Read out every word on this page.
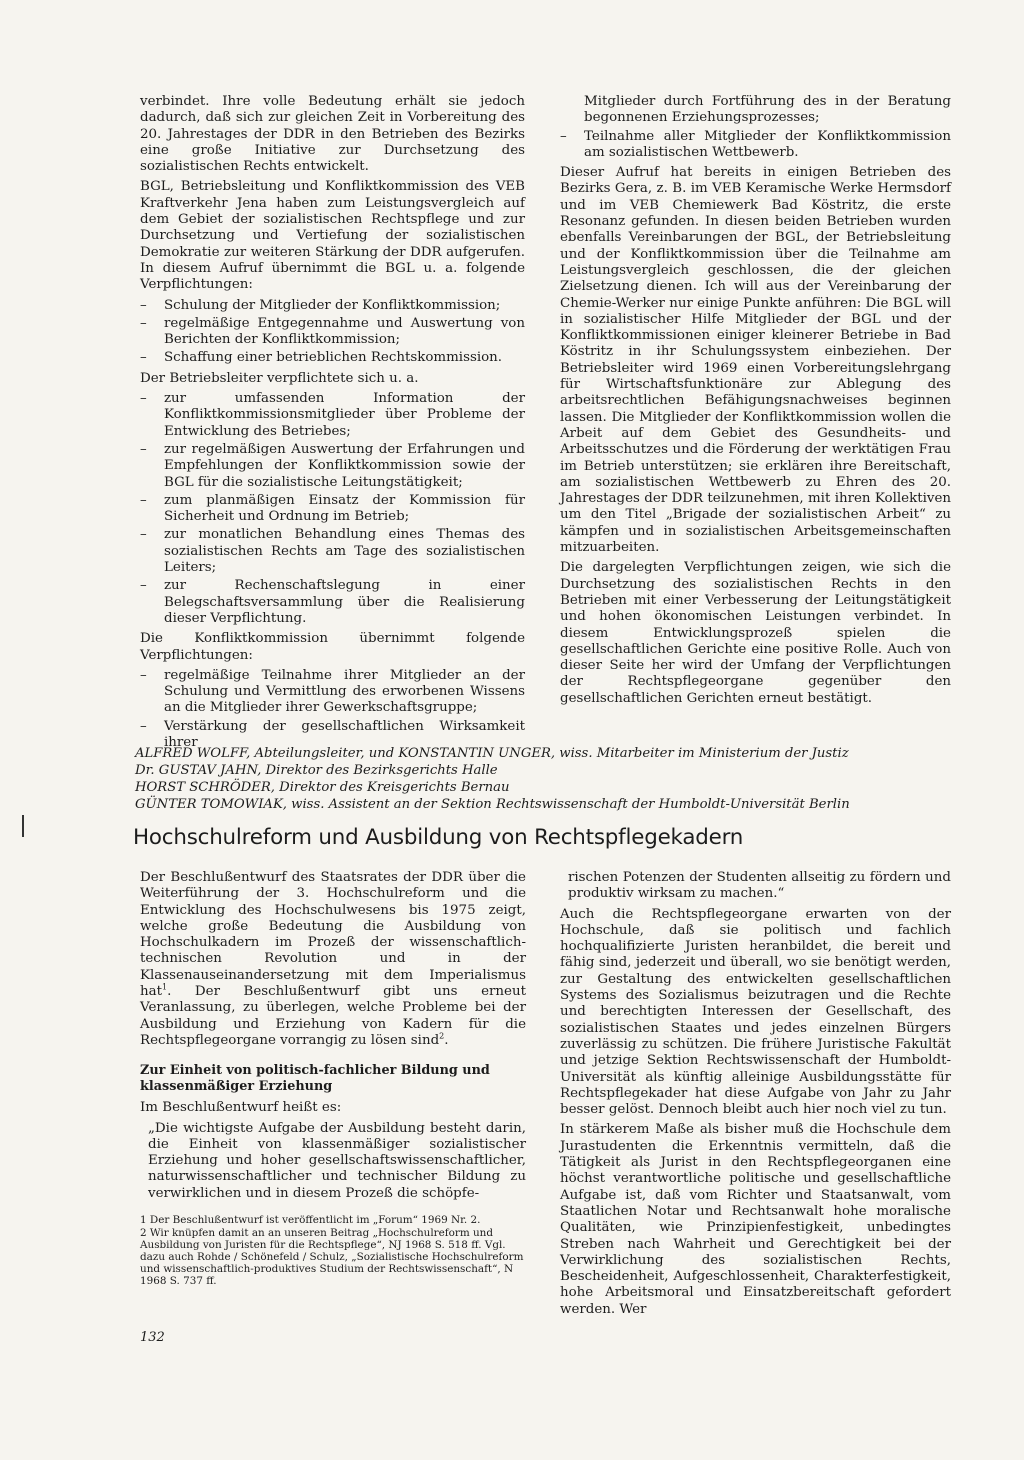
verbindet. Ihre volle Bedeutung erhält sie jedoch dadurch, daß sich zur gleichen Zeit in Vorbereitung des 20. Jahrestages der DDR in den Betrieben des Bezirks eine große Initiative zur Durchsetzung des sozialistischen Rechts entwickelt.

BGL, Betriebsleitung und Konfliktkommission des VEB Kraftverkehr Jena haben zum Leistungsvergleich auf dem Gebiet der sozialistischen Rechtspflege und zur Durchsetzung und Vertiefung der sozialistischen Demokratie zur weiteren Stärkung der DDR aufgerufen. In diesem Aufruf übernimmt die BGL u. a. folgende Verpflichtungen:

– Schulung der Mitglieder der Konfliktkommission;
– regelmäßige Entgegennahme und Auswertung von Berichten der Konfliktkommission;
– Schaffung einer betrieblichen Rechtskommission.

Der Betriebsleiter verpflichtete sich u. a.

– zur umfassenden Information der Konfliktkommissionsmitglieder über Probleme der Entwicklung des Betriebes;
– zur regelmäßigen Auswertung der Erfahrungen und Empfehlungen der Konfliktkommission sowie der BGL für die sozialistische Leitungstätigkeit;
– zum planmäßigen Einsatz der Kommission für Sicherheit und Ordnung im Betrieb;
– zur monatlichen Behandlung eines Themas des sozialistischen Rechts am Tage des sozialistischen Leiters;
– zur Rechenschaftslegung in einer Belegschaftsversammlung über die Realisierung dieser Verpflichtung.

Die Konfliktkommission übernimmt folgende Verpflichtungen:

– regelmäßige Teilnahme ihrer Mitglieder an der Schulung und Vermittlung des erworbenen Wissens an die Mitglieder ihrer Gewerkschaftsgruppe;
– Verstärkung der gesellschaftlichen Wirksamkeit ihrer
Mitglieder durch Fortführung des in der Beratung begonnenen Erziehungsprozesses;
– Teilnahme aller Mitglieder der Konfliktkommission am sozialistischen Wettbewerb.

Dieser Aufruf hat bereits in einigen Betrieben des Bezirks Gera, z. B. im VEB Keramische Werke Hermsdorf und im VEB Chemiewerk Bad Köstritz, die erste Resonanz gefunden. In diesen beiden Betrieben wurden ebenfalls Vereinbarungen der BGL, der Betriebsleitung und der Konfliktkommission über die Teilnahme am Leistungsvergleich geschlossen, die der gleichen Zielsetzung dienen. Ich will aus der Vereinbarung der Chemie-Werker nur einige Punkte anführen: Die BGL will in sozialistischer Hilfe Mitglieder der BGL und der Konfliktkommissionen einiger kleinerer Betriebe in Bad Köstritz in ihr Schulungssystem einbeziehen. Der Betriebsleiter wird 1969 einen Vorbereitungslehrgang für Wirtschaftsfunktionäre zur Ablegung des arbeitsrechtlichen Befähigungsnachweises beginnen lassen. Die Mitglieder der Konfliktkommission wollen die Arbeit auf dem Gebiet des Gesundheits- und Arbeitsschutzes und die Förderung der werktätigen Frau im Betrieb unterstützen; sie erklären ihre Bereitschaft, am sozialistischen Wettbewerb zu Ehren des 20. Jahrestages der DDR teilzunehmen, mit ihren Kollektiven um den Titel „Brigade der sozialistischen Arbeit“ zu kämpfen und in sozialistischen Arbeitsgemeinschaften mitzuarbeiten.

Die dargelegten Verpflichtungen zeigen, wie sich die Durchsetzung des sozialistischen Rechts in den Betrieben mit einer Verbesserung der Leitungstätigkeit und hohen ökonomischen Leistungen verbindet. In diesem Entwicklungsprozeß spielen die gesellschaftlichen Gerichte eine positive Rolle. Auch von dieser Seite her wird der Umfang der Verpflichtungen der Rechtspflegeorgane gegenüber den gesellschaftlichen Gerichten erneut bestätigt.

ALFRED WOLFF, Abteilungsleiter, und KONSTANTIN UNGER, wiss. Mitarbeiter im Ministerium der Justiz
Dr. GUSTAV JAHN, Direktor des Bezirksgerichts Halle
HORST SCHRÖDER, Direktor des Kreisgerichts Bernau
GÜNTER TOMOWIAK, wiss. Assistent an der Sektion Rechtswissenschaft der Humboldt-Universität Berlin
Hochschulreform und Ausbildung von Rechtspflegekadern

Der Beschlußentwurf des Staatsrates der DDR über die Weiterführung der 3. Hochschulreform und die Entwicklung des Hochschulwesens bis 1975 zeigt, welche große Bedeutung die Ausbildung von Hochschulkadern im Prozeß der wissenschaftlich-technischen Revolution und in der Klassenauseinandersetzung mit dem Imperialismus hat$^1$. Der Beschlußentwurf gibt uns erneut Veranlassung, zu überlegen, welche Probleme bei der Ausbildung und Erziehung von Kadern für die Rechtspflegeorgane vorrangig zu lösen sind$^2$.

Zur Einheit von politisch-fachlicher Bildung und klassenmäßiger Erziehung

Im Beschlußentwurf heißt es:

„Die wichtigste Aufgabe der Ausbildung besteht darin, die Einheit von klassenmäßiger sozialistischer Erziehung und hoher gesellschaftswissenschaftlicher, naturwissenschaftlicher und technischer Bildung zu verwirklichen und in diesem Prozeß die schöpfe-

1 Der Beschlußentwurf ist veröffentlicht im „Forum“ 1969 Nr. 2.

2 Wir knüpfen damit an an unseren Beitrag „Hochschulreform und Ausbildung von Juristen für die Rechtspflege“, NJ 1968 S. 518 ff. Vgl. dazu auch Rohde / Schönefeld / Schulz, „Sozialistische Hochschulreform und wissenschaftlich-produktives Studium der Rechtswissenschaft“, N 1968 S. 737 ff.

rischen Potenzen der Studenten allseitig zu fördern und produktiv wirksam zu machen.“

Auch die Rechtspflegeorgane erwarten von der Hochschule, daß sie politisch und fachlich hochqualifizierte Juristen heranbildet, die bereit und fähig sind, jederzeit und überall, wo sie benötigt werden, zur Gestaltung des entwickelten gesellschaftlichen Systems des Sozialismus beizutragen und die Rechte und berechtigten Interessen der Gesellschaft, des sozialistischen Staates und jedes einzelnen Bürgers zuverlässig zu schützen. Die frühere Juristische Fakultät und jetzige Sektion Rechtswissenschaft der Humboldt-Universität als künftig alleinige Ausbildungsstätte für Rechtspflegekader hat diese Aufgabe von Jahr zu Jahr besser gelöst. Dennoch bleibt auch hier noch viel zu tun.

In stärkerem Maße als bisher muß die Hochschule dem Jurastudenten die Erkenntnis vermitteln, daß die Tätigkeit als Jurist in den Rechtspflegeorganen eine höchst verantwortliche politische und gesellschaftliche Aufgabe ist, daß vom Richter und Staatsanwalt, vom Staatlichen Notar und Rechtsanwalt hohe moralische Qualitäten, wie Prinzipienfestigkeit, unbedingtes Streben nach Wahrheit und Gerechtigkeit bei der Verwirklichung des sozialistischen Rechts, Bescheidenheit, Aufgeschlossenheit, Charakterfestigkeit, hohe Arbeitsmoral und Einsatzbereitschaft gefordert werden. Wer

132
